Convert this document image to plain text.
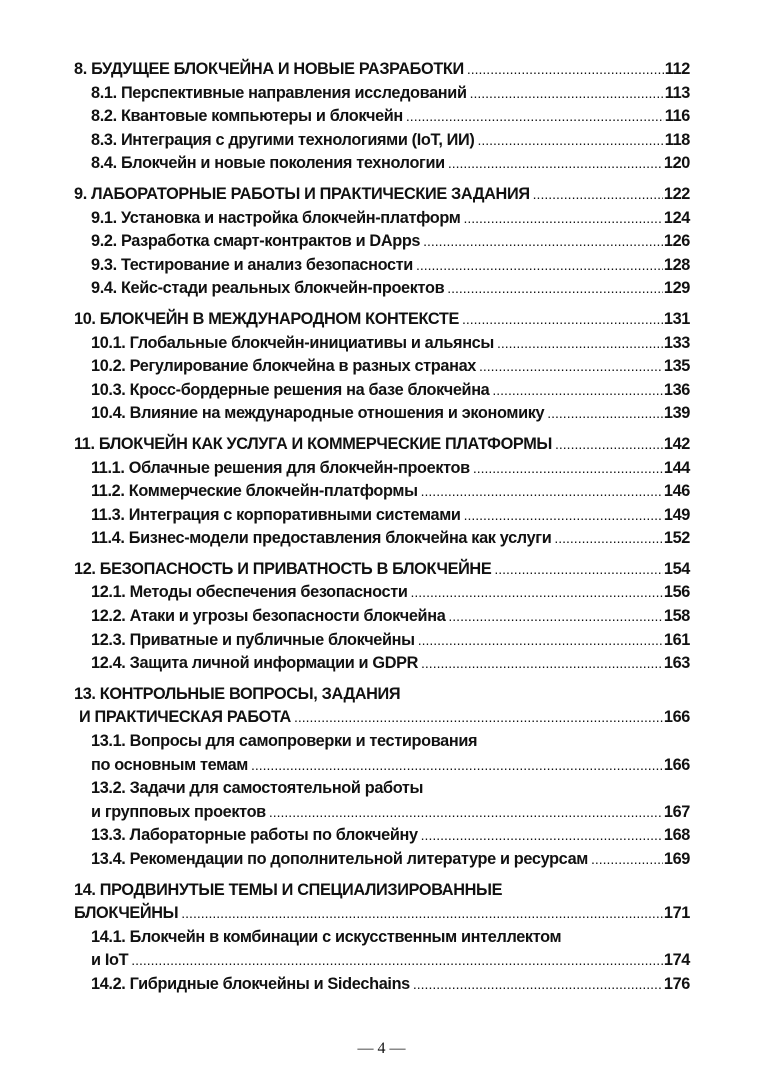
8. БУДУЩЕЕ БЛОКЧЕЙНА И НОВЫЕ РАЗРАБОТКИ .....	112
8.1. Перспективные направления исследований .....	113
8.2. Квантовые компьютеры и блокчейн .....	116
8.3. Интеграция с другими технологиями (IoT, ИИ) .....	118
8.4. Блокчейн и новые поколения технологии .....	120
9. ЛАБОРАТОРНЫЕ РАБОТЫ И ПРАКТИЧЕСКИЕ ЗАДАНИЯ .....	122
9.1. Установка и настройка блокчейн-платформ .....	124
9.2. Разработка смарт-контрактов и DApps .....	126
9.3. Тестирование и анализ безопасности .....	128
9.4. Кейс-стади реальных блокчейн-проектов .....	129
10. БЛОКЧЕЙН В МЕЖДУНАРОДНОМ КОНТЕКСТЕ .....	131
10.1. Глобальные блокчейн-инициативы и альянсы .....	133
10.2. Регулирование блокчейна в разных странах .....	135
10.3. Кросс-бордерные решения на базе блокчейна .....	136
10.4. Влияние на международные отношения и экономику .....	139
11. БЛОКЧЕЙН КАК УСЛУГА И КОММЕРЧЕСКИЕ ПЛАТФОРМЫ .....	142
11.1. Облачные решения для блокчейн-проектов .....	144
11.2. Коммерческие блокчейн-платформы .....	146
11.3. Интеграция с корпоративными системами .....	149
11.4. Бизнес-модели предоставления блокчейна как услуги .....	152
12. БЕЗОПАСНОСТЬ И ПРИВАТНОСТЬ В БЛОКЧЕЙНЕ .....	154
12.1. Методы обеспечения безопасности .....	156
12.2. Атаки и угрозы безопасности блокчейна .....	158
12.3. Приватные и публичные блокчейны .....	161
12.4. Защита личной информации и GDPR .....	163
13. КОНТРОЛЬНЫЕ ВОПРОСЫ, ЗАДАНИЯ
И ПРАКТИЧЕСКАЯ РАБОТА .....	166
13.1. Вопросы для самопроверки и тестирования
по основным темам .....	166
13.2. Задачи для самостоятельной работы
и групповых проектов .....	167
13.3. Лабораторные работы по блокчейну .....	168
13.4. Рекомендации по дополнительной литературе и ресурсам .....	169
14. ПРОДВИНУТЫЕ ТЕМЫ И СПЕЦИАЛИЗИРОВАННЫЕ
БЛОКЧЕЙНЫ .....	171
14.1. Блокчейн в комбинации с искусственным интеллектом
и IoT .....	174
14.2. Гибридные блокчейны и Sidechains .....	176
— 4 —
